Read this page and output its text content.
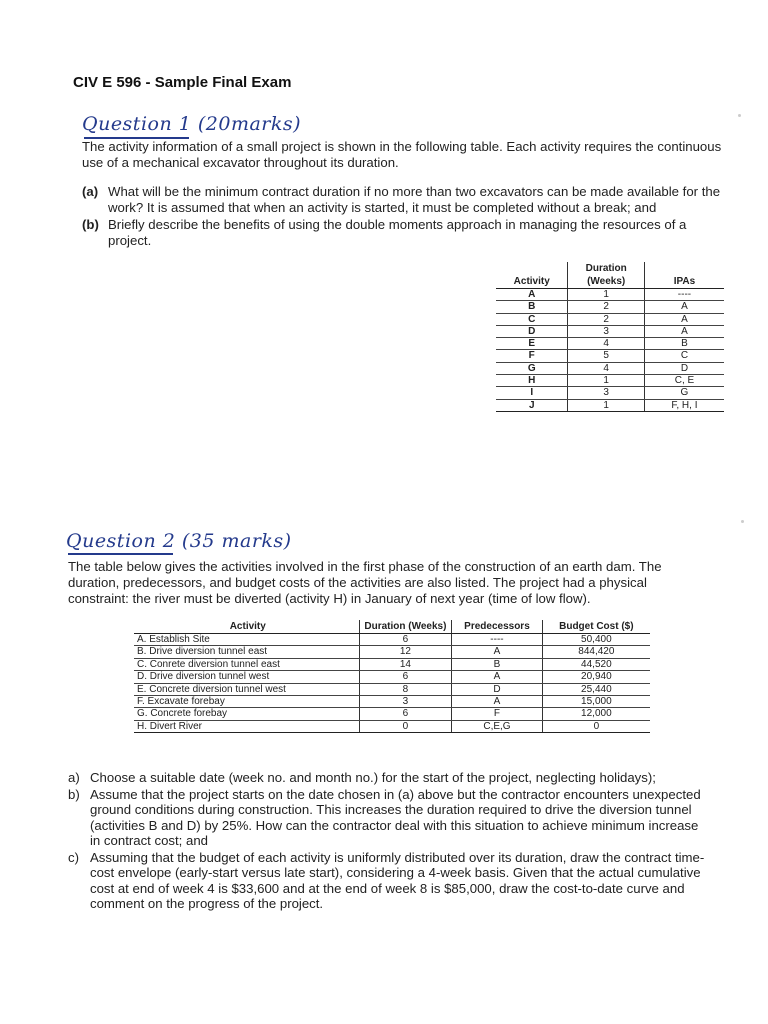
CIV E 596 - Sample Final Exam
Question 1 (20marks)
The activity information of a small project is shown in the following table. Each activity requires the continuous use of a mechanical excavator throughout its duration.
(a) What will be the minimum contract duration if no more than two excavators can be made available for the work? It is assumed that when an activity is started, it must be completed without a break; and
(b) Briefly describe the benefits of using the double moments approach in managing the resources of a project.
Activity	Duration (Weeks)	IPAs
A	1	----
B	2	A
C	2	A
D	3	A
E	4	B
F	5	C
G	4	D
H	1	C, E
I	3	G
J	1	F, H, I
Question 2 (35 marks)
The table below gives the activities involved in the first phase of the construction of an earth dam. The duration, predecessors, and budget costs of the activities are also listed. The project had a physical constraint: the river must be diverted (activity H) in January of next year (time of low flow).
Activity	Duration (Weeks)	Predecessors	Budget Cost ($)
A. Establish Site	6	----	50,400
B. Drive diversion tunnel east	12	A	844,420
C. Conrete diversion tunnel east	14	B	44,520
D. Drive diversion tunnel west	6	A	20,940
E. Concrete diversion tunnel west	8	D	25,440
F. Excavate forebay	3	A	15,000
G. Concrete forebay	6	F	12,000
H. Divert River	0	C,E,G	0
a) Choose a suitable date (week no. and month no.) for the start of the project, neglecting holidays);
b) Assume that the project starts on the date chosen in (a) above but the contractor encounters unexpected ground conditions during construction. This increases the duration required to drive the diversion tunnel (activities B and D) by 25%. How can the contractor deal with this situation to achieve minimum increase in contract cost; and
c) Assuming that the budget of each activity is uniformly distributed over its duration, draw the contract time-cost envelope (early-start versus late start), considering a 4-week basis. Given that the actual cumulative cost at end of week 4 is $33,600 and at the end of week 8 is $85,000, draw the cost-to-date curve and comment on the progress of the project.
